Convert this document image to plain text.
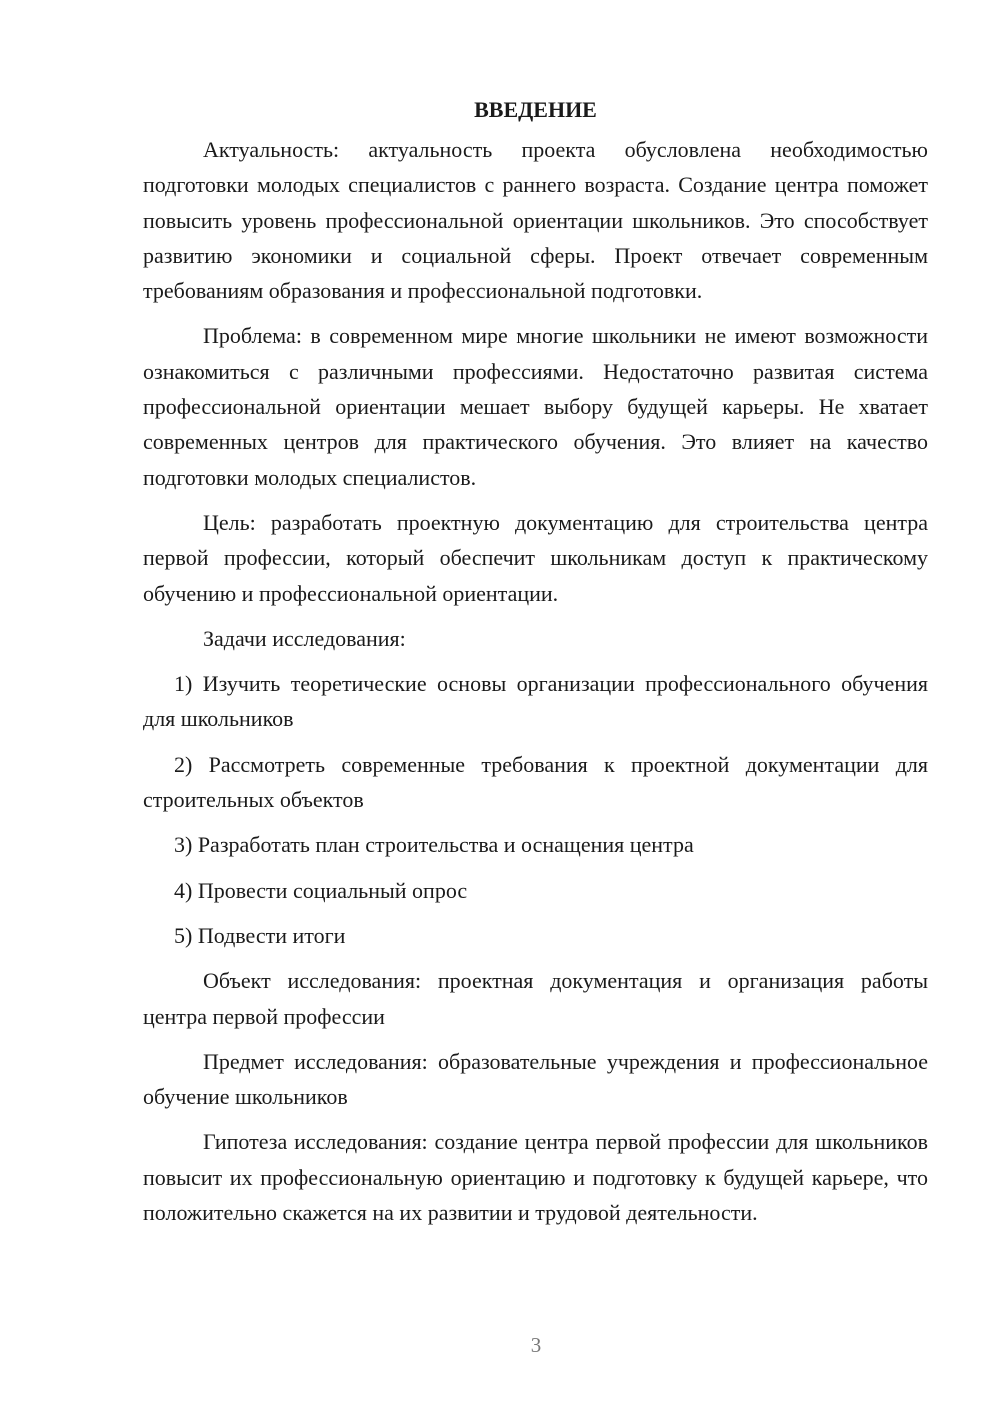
ВВЕДЕНИЕ

Актуальность: актуальность проекта обусловлена необходимостью подготовки молодых специалистов с раннего возраста. Создание центра поможет повысить уровень профессиональной ориентации школьников. Это способствует развитию экономики и социальной сферы. Проект отвечает современным требованиям образования и профессиональной подготовки.

Проблема: в современном мире многие школьники не имеют возможности ознакомиться с различными профессиями. Недостаточно развитая система профессиональной ориентации мешает выбору будущей карьеры. Не хватает современных центров для практического обучения. Это влияет на качество подготовки молодых специалистов.

Цель: разработать проектную документацию для строительства центра первой профессии, который обеспечит школьникам доступ к практическому обучению и профессиональной ориентации.

Задачи исследования:

1) Изучить теоретические основы организации профессионального обучения для школьников

2) Рассмотреть современные требования к проектной документации для строительных объектов

3) Разработать план строительства и оснащения центра

4) Провести социальный опрос

5) Подвести итоги

Объект исследования: проектная документация и организация работы центра первой профессии

Предмет исследования: образовательные учреждения и профессиональное обучение школьников

Гипотеза исследования: создание центра первой профессии для школьников повысит их профессиональную ориентацию и подготовку к будущей карьере, что положительно скажется на их развитии и трудовой деятельности.

3
